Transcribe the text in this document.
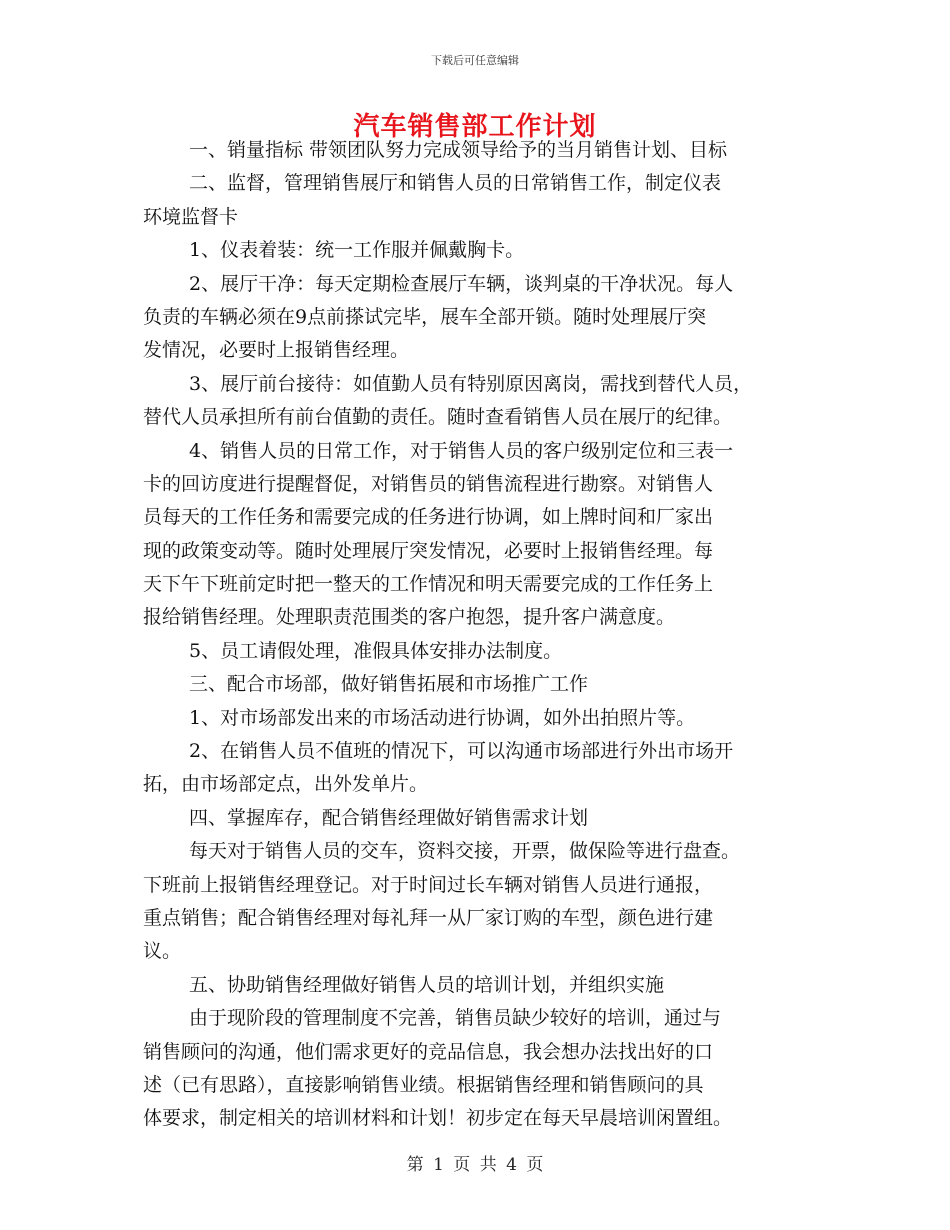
下载后可任意编辑
汽车销售部工作计划
一、销量指标 带领团队努力完成领导给予的当月销售计划、目标
二、监督，管理销售展厅和销售人员的日常销售工作，制定仪表
环境监督卡
1、仪表着装：统一工作服并佩戴胸卡。
2、展厅干净：每天定期检查展厅车辆，谈判桌的干净状况。每人
负责的车辆必须在9点前搽试完毕，展车全部开锁。随时处理展厅突
发情况，必要时上报销售经理。
3、展厅前台接待：如值勤人员有特别原因离岗，需找到替代人员，
替代人员承担所有前台值勤的责任。随时查看销售人员在展厅的纪律。
4、销售人员的日常工作，对于销售人员的客户级别定位和三表一
卡的回访度进行提醒督促，对销售员的销售流程进行勘察。对销售人
员每天的工作任务和需要完成的任务进行协调，如上牌时间和厂家出
现的政策变动等。随时处理展厅突发情况，必要时上报销售经理。每
天下午下班前定时把一整天的工作情况和明天需要完成的工作任务上
报给销售经理。处理职责范围类的客户抱怨，提升客户满意度。
5、员工请假处理，准假具体安排办法制度。
三、配合市场部，做好销售拓展和市场推广工作
1、对市场部发出来的市场活动进行协调，如外出拍照片等。
2、在销售人员不值班的情况下，可以沟通市场部进行外出市场开
拓，由市场部定点，出外发单片。
四、掌握库存，配合销售经理做好销售需求计划
每天对于销售人员的交车，资料交接，开票，做保险等进行盘查。
下班前上报销售经理登记。对于时间过长车辆对销售人员进行通报，
重点销售；配合销售经理对每礼拜一从厂家订购的车型，颜色进行建
议。
五、协助销售经理做好销售人员的培训计划，并组织实施
由于现阶段的管理制度不完善，销售员缺少较好的培训，通过与
销售顾问的沟通，他们需求更好的竞品信息，我会想办法找出好的口
述（已有思路），直接影响销售业绩。根据销售经理和销售顾问的具
体要求，制定相关的培训材料和计划！初步定在每天早晨培训闲置组。
第 1 页 共 4 页
